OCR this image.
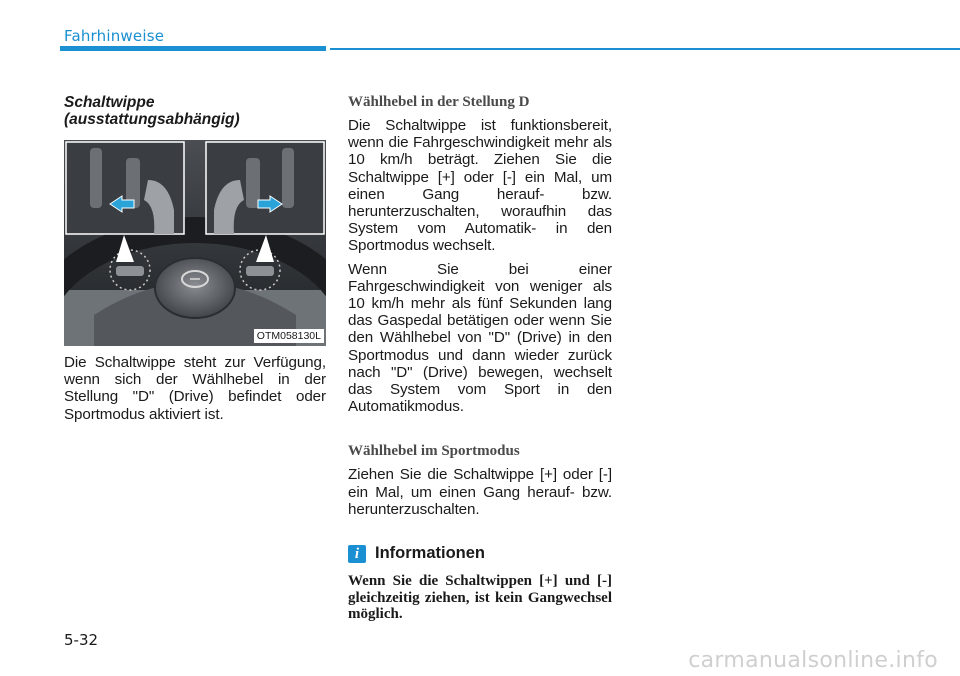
Fahrhinweise
Schaltwippe
(ausstattungsabhängig)
OTM058130L

Die Schaltwippe steht zur Verfügung, wenn sich der Wählhebel in der Stellung "D" (Drive) befindet oder Sportmodus aktiviert ist.

Wählhebel in der Stellung D

Die Schaltwippe ist funktionsbereit, wenn die Fahrgeschwindigkeit mehr als 10 km/h beträgt. Ziehen Sie die Schaltwippe [+] oder [-] ein Mal, um einen Gang herauf- bzw. herunterzuschalten, woraufhin das System vom Automatik- in den Sportmodus wechselt.

Wenn Sie bei einer Fahrgeschwindigkeit von weniger als 10 km/h mehr als fünf Sekunden lang das Gaspedal betätigen oder wenn Sie den Wählhebel von "D" (Drive) in den Sportmodus und dann wieder zurück nach "D" (Drive) bewegen, wechselt das System vom Sport in den Automatikmodus.

Wählhebel im Sportmodus

Ziehen Sie die Schaltwippe [+] oder [-] ein Mal, um einen Gang herauf- bzw. herunterzuschalten.

i Informationen
Wenn Sie die Schaltwippen [+] und [-] gleichzeitig ziehen, ist kein Gangwechsel möglich.
5-32
carmanualsonline.info
